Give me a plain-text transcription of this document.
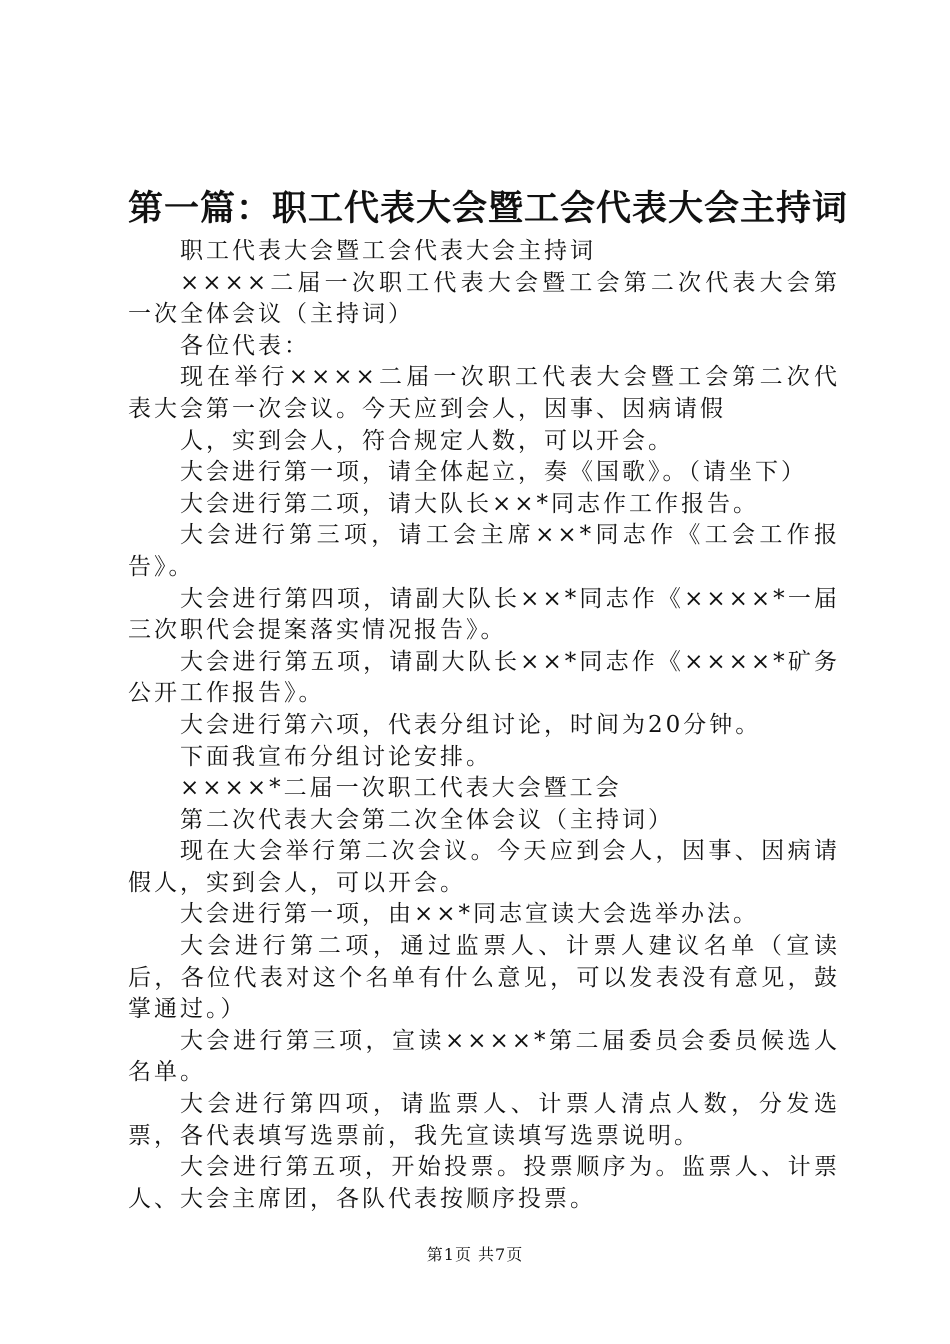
第一篇：职工代表大会暨工会代表大会主持词

职工代表大会暨工会代表大会主持词

××××二届一次职工代表大会暨工会第二次代表大会第一次全体会议（主持词）

各位代表：

现在举行××××二届一次职工代表大会暨工会第二次代表大会第一次会议。今天应到会人，因事、因病请假

人，实到会人，符合规定人数，可以开会。

大会进行第一项，请全体起立，奏《国歌》。（请坐下）

大会进行第二项，请大队长××*同志作工作报告。

大会进行第三项，请工会主席××*同志作《工会工作报告》。

大会进行第四项，请副大队长××*同志作《××××*一届三次职代会提案落实情况报告》。

大会进行第五项，请副大队长××*同志作《××××*矿务公开工作报告》。

大会进行第六项，代表分组讨论，时间为20分钟。

下面我宣布分组讨论安排。

××××*二届一次职工代表大会暨工会

第二次代表大会第二次全体会议（主持词）

现在大会举行第二次会议。今天应到会人，因事、因病请假人，实到会人，可以开会。

大会进行第一项，由××*同志宣读大会选举办法。

大会进行第二项，通过监票人、计票人建议名单（宣读后，各位代表对这个名单有什么意见，可以发表没有意见，鼓掌通过。）

大会进行第三项，宣读××××*第二届委员会委员候选人名单。

大会进行第四项，请监票人、计票人清点人数，分发选票，各代表填写选票前，我先宣读填写选票说明。

大会进行第五项，开始投票。投票顺序为。监票人、计票人、大会主席团，各队代表按顺序投票。

第1页 共7页
